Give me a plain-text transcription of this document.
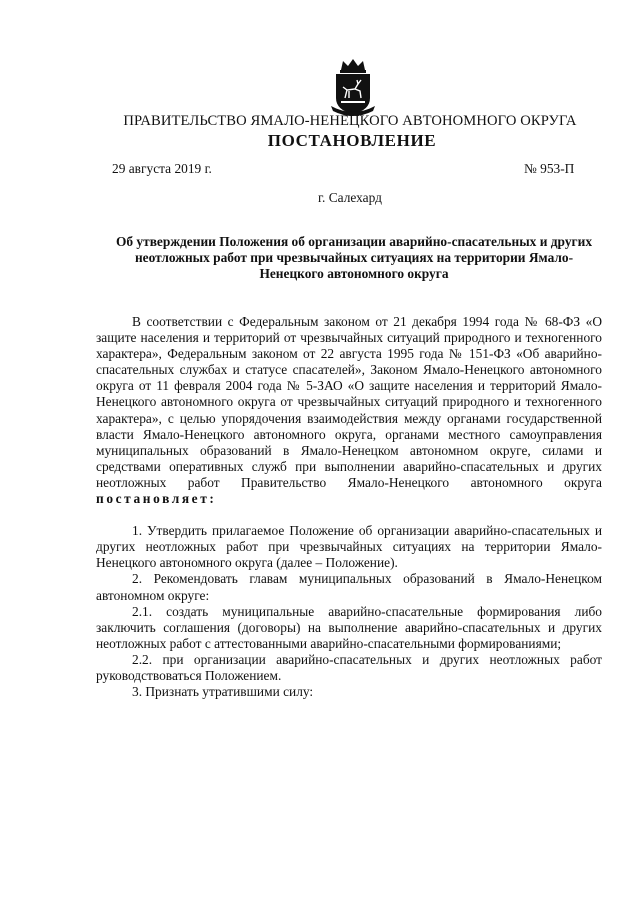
ПРАВИТЕЛЬСТВО ЯМАЛО-НЕНЕЦКОГО АВТОНОМНОГО ОКРУГА
ПОСТАНОВЛЕНИЕ
29 августа 2019 г.	№ 953-П
г. Салехард
Об утверждении Положения об организации аварийно-спасательных и других неотложных работ при чрезвычайных ситуациях на территории Ямало-Ненецкого автономного округа

В соответствии с Федеральным законом от 21 декабря 1994 года № 68-ФЗ «О защите населения и территорий от чрезвычайных ситуаций природного и техногенного характера», Федеральным законом от 22 августа 1995 года № 151-ФЗ «Об аварийно-спасательных службах и статусе спасателей», Законом Ямало-Ненецкого автономного округа от 11 февраля 2004 года № 5-ЗАО «О защите населения и территорий Ямало-Ненецкого автономного округа от чрезвычайных ситуаций природного и техногенного характера», с целью упорядочения взаимодействия между органами государственной власти Ямало-Ненецкого автономного округа, органами местного самоуправления муниципальных образований в Ямало-Ненецком автономном округе, силами и средствами оперативных служб при выполнении аварийно-спасательных и других неотложных работ Правительство Ямало-Ненецкого автономного округа постановляет:

1. Утвердить прилагаемое Положение об организации аварийно-спасательных и других неотложных работ при чрезвычайных ситуациях на территории Ямало-Ненецкого автономного округа (далее – Положение).

2. Рекомендовать главам муниципальных образований в Ямало-Ненецком автономном округе:

2.1. создать муниципальные аварийно-спасательные формирования либо заключить соглашения (договоры) на выполнение аварийно-спасательных и других неотложных работ с аттестованными аварийно-спасательными формированиями;

2.2. при организации аварийно-спасательных и других неотложных работ руководствоваться Положением.

3. Признать утратившими силу:
